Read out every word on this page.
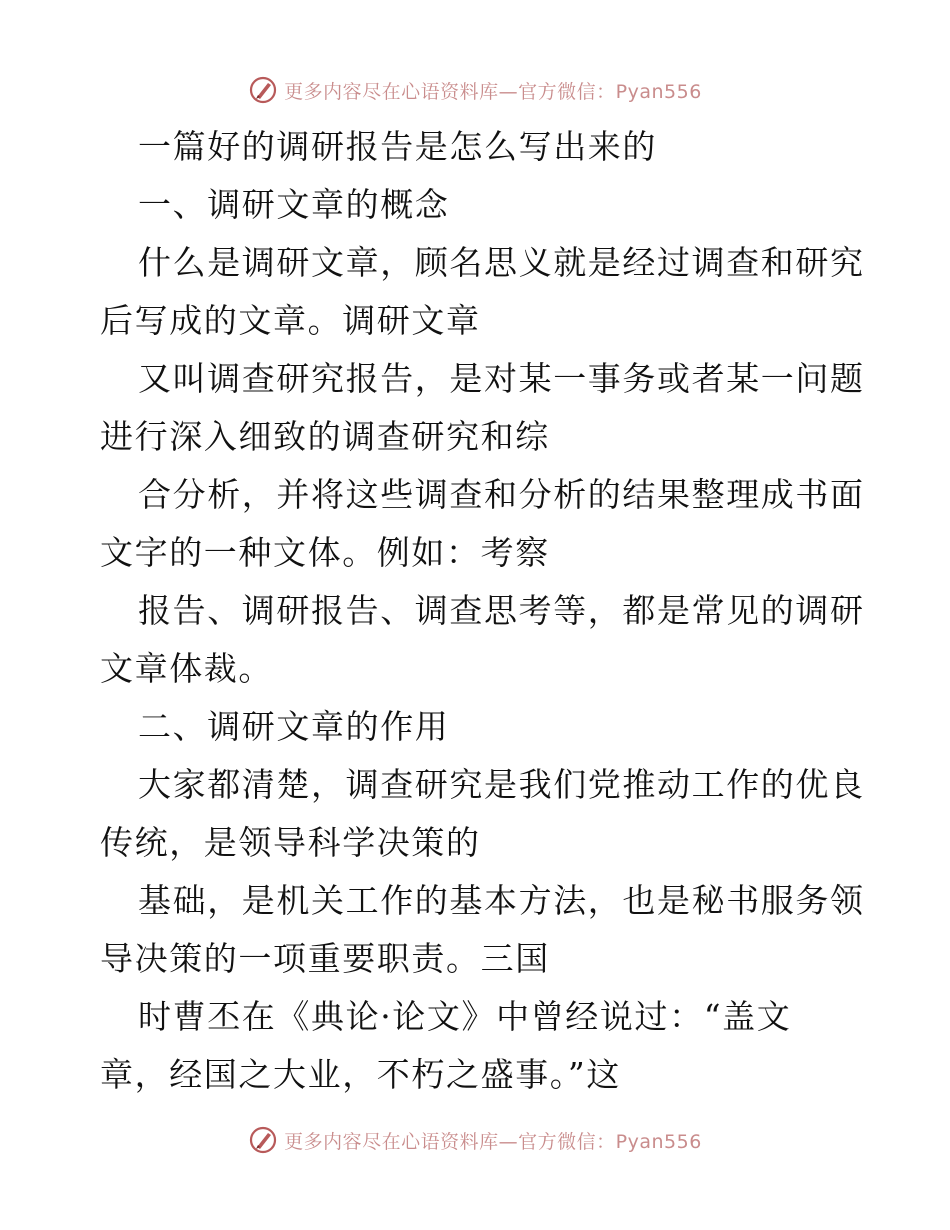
更多内容尽在心语资料库—官方微信：Pyan556

一篇好的调研报告是怎么写出来的

一、调研文章的概念

什么是调研文章，顾名思义就是经过调查和研究
后写成的文章。调研文章

又叫调查研究报告，是对某一事务或者某一问题
进行深入细致的调查研究和综

合分析，并将这些调查和分析的结果整理成书面
文字的一种文体。例如：考察

报告、调研报告、调查思考等，都是常见的调研
文章体裁。

二、调研文章的作用

大家都清楚，调查研究是我们党推动工作的优良
传统，是领导科学决策的

基础，是机关工作的基本方法，也是秘书服务领
导决策的一项重要职责。三国

时曹丕在《典论·论文》中曾经说过：“盖文
章，经国之大业，不朽之盛事。”这

更多内容尽在心语资料库—官方微信：Pyan556
